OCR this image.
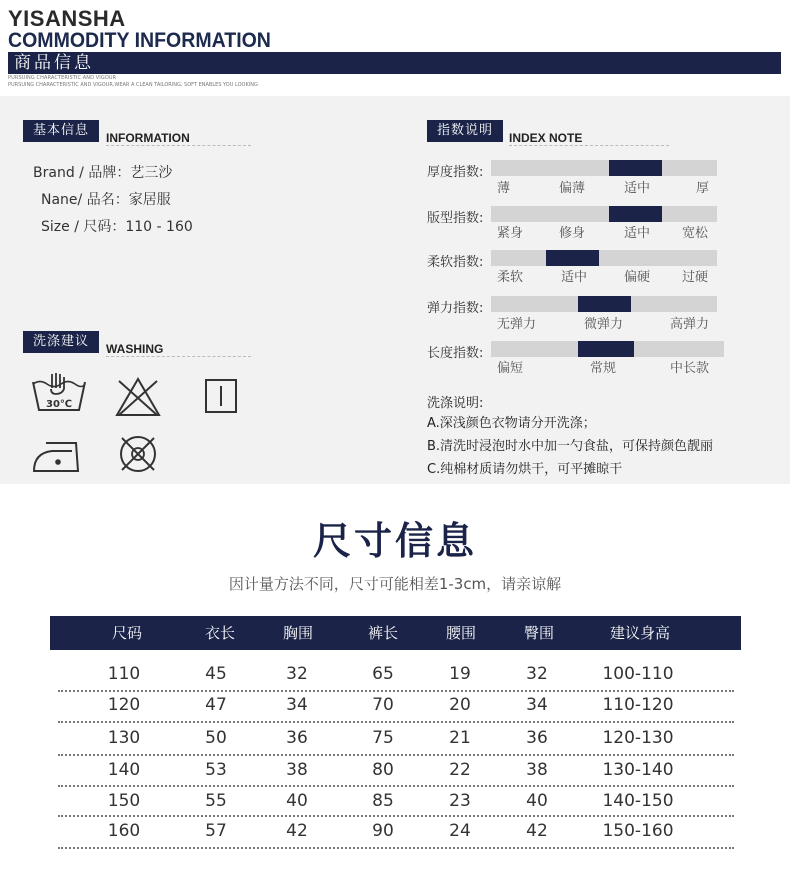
YISANSHA
COMMODITY INFORMATION
商品信息
PURSUING CHARACTERISTIC AND VIGOUR
PURSUING CHARACTERISTIC AND VIGOUR,WEAR A CLEAN TAILORING, SOFT ENABLES YOU LOOKING
基本信息	INFORMATION
Brand / 品牌：艺三沙
Nane/ 品名：家居服
Size / 尺码：110 - 160
洗涤建议	WASHING
30℃
指数说明	INDEX NOTE
厚度指数:
薄	偏薄	适中	厚
版型指数:
紧身	修身	适中 宽松
柔软指数:
柔软	适中	偏硬 过硬
弹力指数:
无弹力	微弹力	高弹力
长度指数:
偏短	常规	中长款
洗涤说明:
A.深浅颜色衣物请分开洗涤；
B.清洗时浸泡时水中加一勺食盐，可保持颜色靓丽
C.纯棉材质请勿烘干，可平摊晾干
尺寸信息
因计量方法不同，尺寸可能相差1-3cm，请亲谅解
尺码	衣长	胸围	裤长	腰围	臀围	建议身高
110	45	32	65	19	32	100-110
120	47	34	70	20	34	110-120
130	50	36	75	21	36	120-130
140	53	38	80	22	38	130-140
150	55	40	85	23	40	140-150
160	57	42	90	24	42	150-160
